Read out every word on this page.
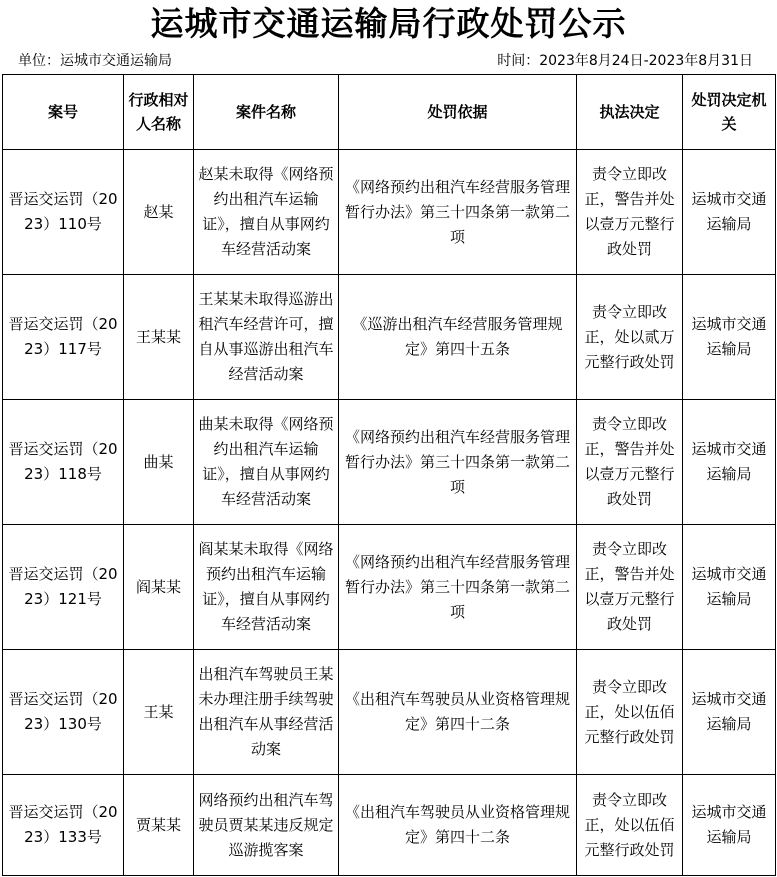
运城市交通运输局行政处罚公示
单位：运城市交通运输局	时间：2023年8月24日-2023年8月31日
案号	行政相对人名称	案件名称	处罚依据	执法决定	处罚决定机关
晋运交运罚（2023）110号	赵某	赵某未取得《网络预约出租汽车运输证》，擅自从事网约车经营活动案	《网络预约出租汽车经营服务管理暂行办法》第三十四条第一款第二项	责令立即改正，警告并处以壹万元整行政处罚	运城市交通运输局
晋运交运罚（2023）117号	王某某	王某某未取得巡游出租汽车经营许可，擅自从事巡游出租汽车经营活动案	《巡游出租汽车经营服务管理规定》第四十五条	责令立即改正，处以贰万元整行政处罚	运城市交通运输局
晋运交运罚（2023）118号	曲某	曲某未取得《网络预约出租汽车运输证》，擅自从事网约车经营活动案	《网络预约出租汽车经营服务管理暂行办法》第三十四条第一款第二项	责令立即改正，警告并处以壹万元整行政处罚	运城市交通运输局
晋运交运罚（2023）121号	阎某某	阎某某未取得《网络预约出租汽车运输证》，擅自从事网约车经营活动案	《网络预约出租汽车经营服务管理暂行办法》第三十四条第一款第二项	责令立即改正，警告并处以壹万元整行政处罚	运城市交通运输局
晋运交运罚（2023）130号	王某	出租汽车驾驶员王某未办理注册手续驾驶出租汽车从事经营活动案	《出租汽车驾驶员从业资格管理规定》第四十二条	责令立即改正，处以伍佰元整行政处罚	运城市交通运输局
晋运交运罚（2023）133号	贾某某	网络预约出租汽车驾驶员贾某某违反规定巡游揽客案	《出租汽车驾驶员从业资格管理规定》第四十二条	责令立即改正，处以伍佰元整行政处罚	运城市交通运输局
